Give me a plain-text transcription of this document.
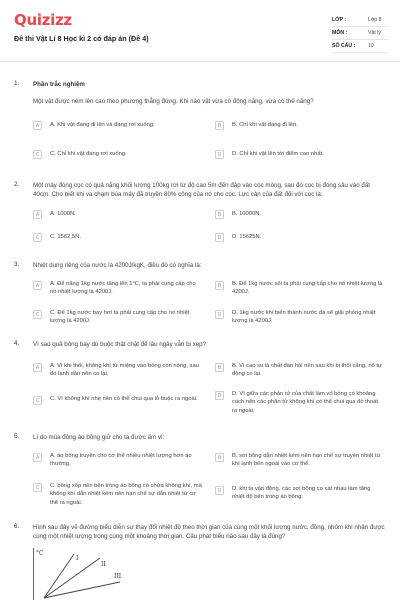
Quizizz
Đề thi Vật Lí 8 Học kì 2 có đáp án (Đề 4)
LỚP :	Lớp 8
MÔN :	Vật lý
SỐ CÂU : 10
1. Phần trắc nghiệm
Một vật được ném lên cao theo phương thẳng đứng. Khi nào vật vừa có động năng, vừa có thế năng?
A	A. Khi vật đang đi lên và đang rơi xuống.	B	B. Chỉ khi vật đang đi lên.
C	C. Chỉ khi vật đang rơi xuống.	D	D. Chỉ khi vật lên tới điểm cao nhất.
2. Một máy đóng cọc có quả nặng khối lượng 100kg rơi từ độ cao 5m đến đập vào cọc móng, sau đó cọc bị đóng sâu vào đất 40cm. Cho biết khi va chạm búa máy đã truyền 80% công của nó cho cọc. Lực cản của đất đối với cọc là:
A	A. 1000N.	B	B. 10000N.
C	C. 1562,5N.	D	D. 15625N.
3. Nhiệt dung riêng của nước là 4200J/kgK, điều đó có nghĩa là:
A	A. Để nâng 1kg nước tăng lên 1°C, ta phải cung cấp cho nó nhiệt lượng là 4200J.
B	B. Để 1kg nước sôi ta phải cung cấp cho nó nhiệt lượng là 4200J.
C	C. Để 1kg nước bay hơi ta phải cung cấp cho nó nhiệt lượng là 4200J.
D	D. 1kg nước khi biến thành nước đá sẽ giải phóng nhiệt lượng là 4200J.
4. Vì sao quả bóng bay dù buộc thật chặt để lâu ngày vẫn bị xẹp?
A	A. Vì khi thổi, không khí từ miệng vào bóng còn nóng, sau đó lạnh dần nên co lại.
B	B. Vì cao su là chất đàn hồi nên sau khi bị thổi căng, nó tự động co lại.
C	C. Vì không khí nhẹ nên có thể chui qua lỗ buộc ra ngoài.	D	D. Vì giữa các phân tử của chất làm vỏ bóng có khoảng cách nên các phân tử không khí có thể chui qua đó thoát ra ngoài.
5. Lí do mùa đông áo bông giữ cho ta được ấm vì:
A	A. áo bông truyền cho cơ thể nhiều nhiệt lượng hơn áo thường.
B	B. sợi bông dẫn nhiệt kém nên hạn chế sự truyền nhiệt từ khí lạnh bên ngoài vào cơ thể.
C	C. bông xốp nên bên trong áo bông có chứa không khí, mà không khí dẫn nhiệt kém nên hạn chế sự dẫn nhiệt từ cơ thể ra ngoài.
D	D. khi ta vận động, các sợi bông cọ xát nhau làm tăng nhiệt độ bên trong áo bông.
6. Hình sau đây vẽ đường biểu diễn sự thay đổi nhiệt độ theo thời gian của cùng một khối lượng nước, đồng, nhôm khi nhận được cùng một nhiệt lượng trong cùng một khoảng thời gian. Câu phát biểu nào sau đây là đúng?
°C
I
II
III
